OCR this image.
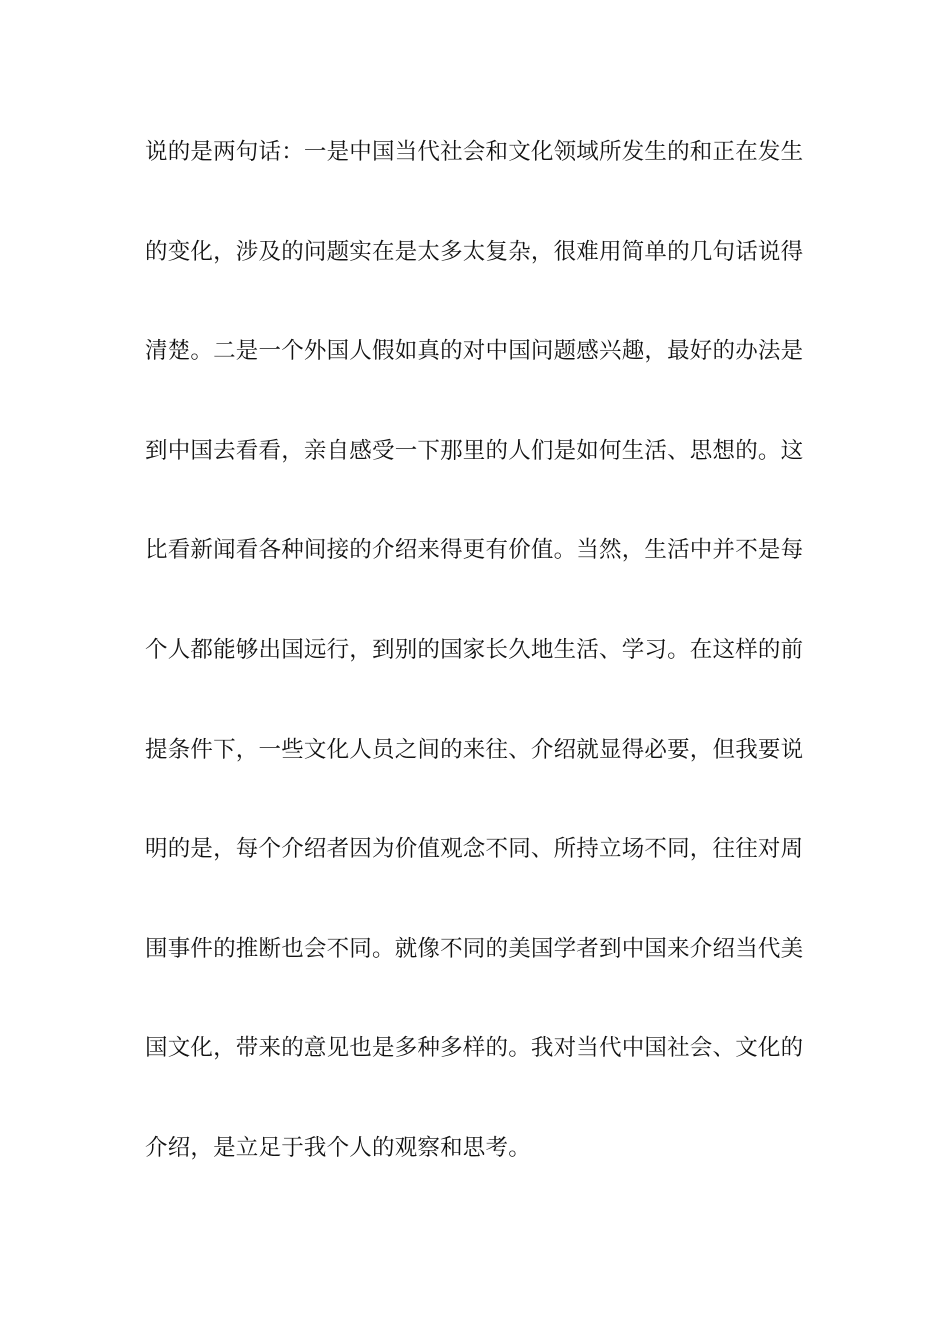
说的是两句话：一是中国当代社会和文化领域所发生的和正在发生
的变化，涉及的问题实在是太多太复杂，很难用简单的几句话说得
清楚。二是一个外国人假如真的对中国问题感兴趣，最好的办法是
到中国去看看，亲自感受一下那里的人们是如何生活、思想的。这
比看新闻看各种间接的介绍来得更有价值。当然，生活中并不是每
个人都能够出国远行，到别的国家长久地生活、学习。在这样的前
提条件下，一些文化人员之间的来往、介绍就显得必要，但我要说
明的是，每个介绍者因为价值观念不同、所持立场不同，往往对周
围事件的推断也会不同。就像不同的美国学者到中国来介绍当代美
国文化，带来的意见也是多种多样的。我对当代中国社会、文化的
介绍，是立足于我个人的观察和思考。
